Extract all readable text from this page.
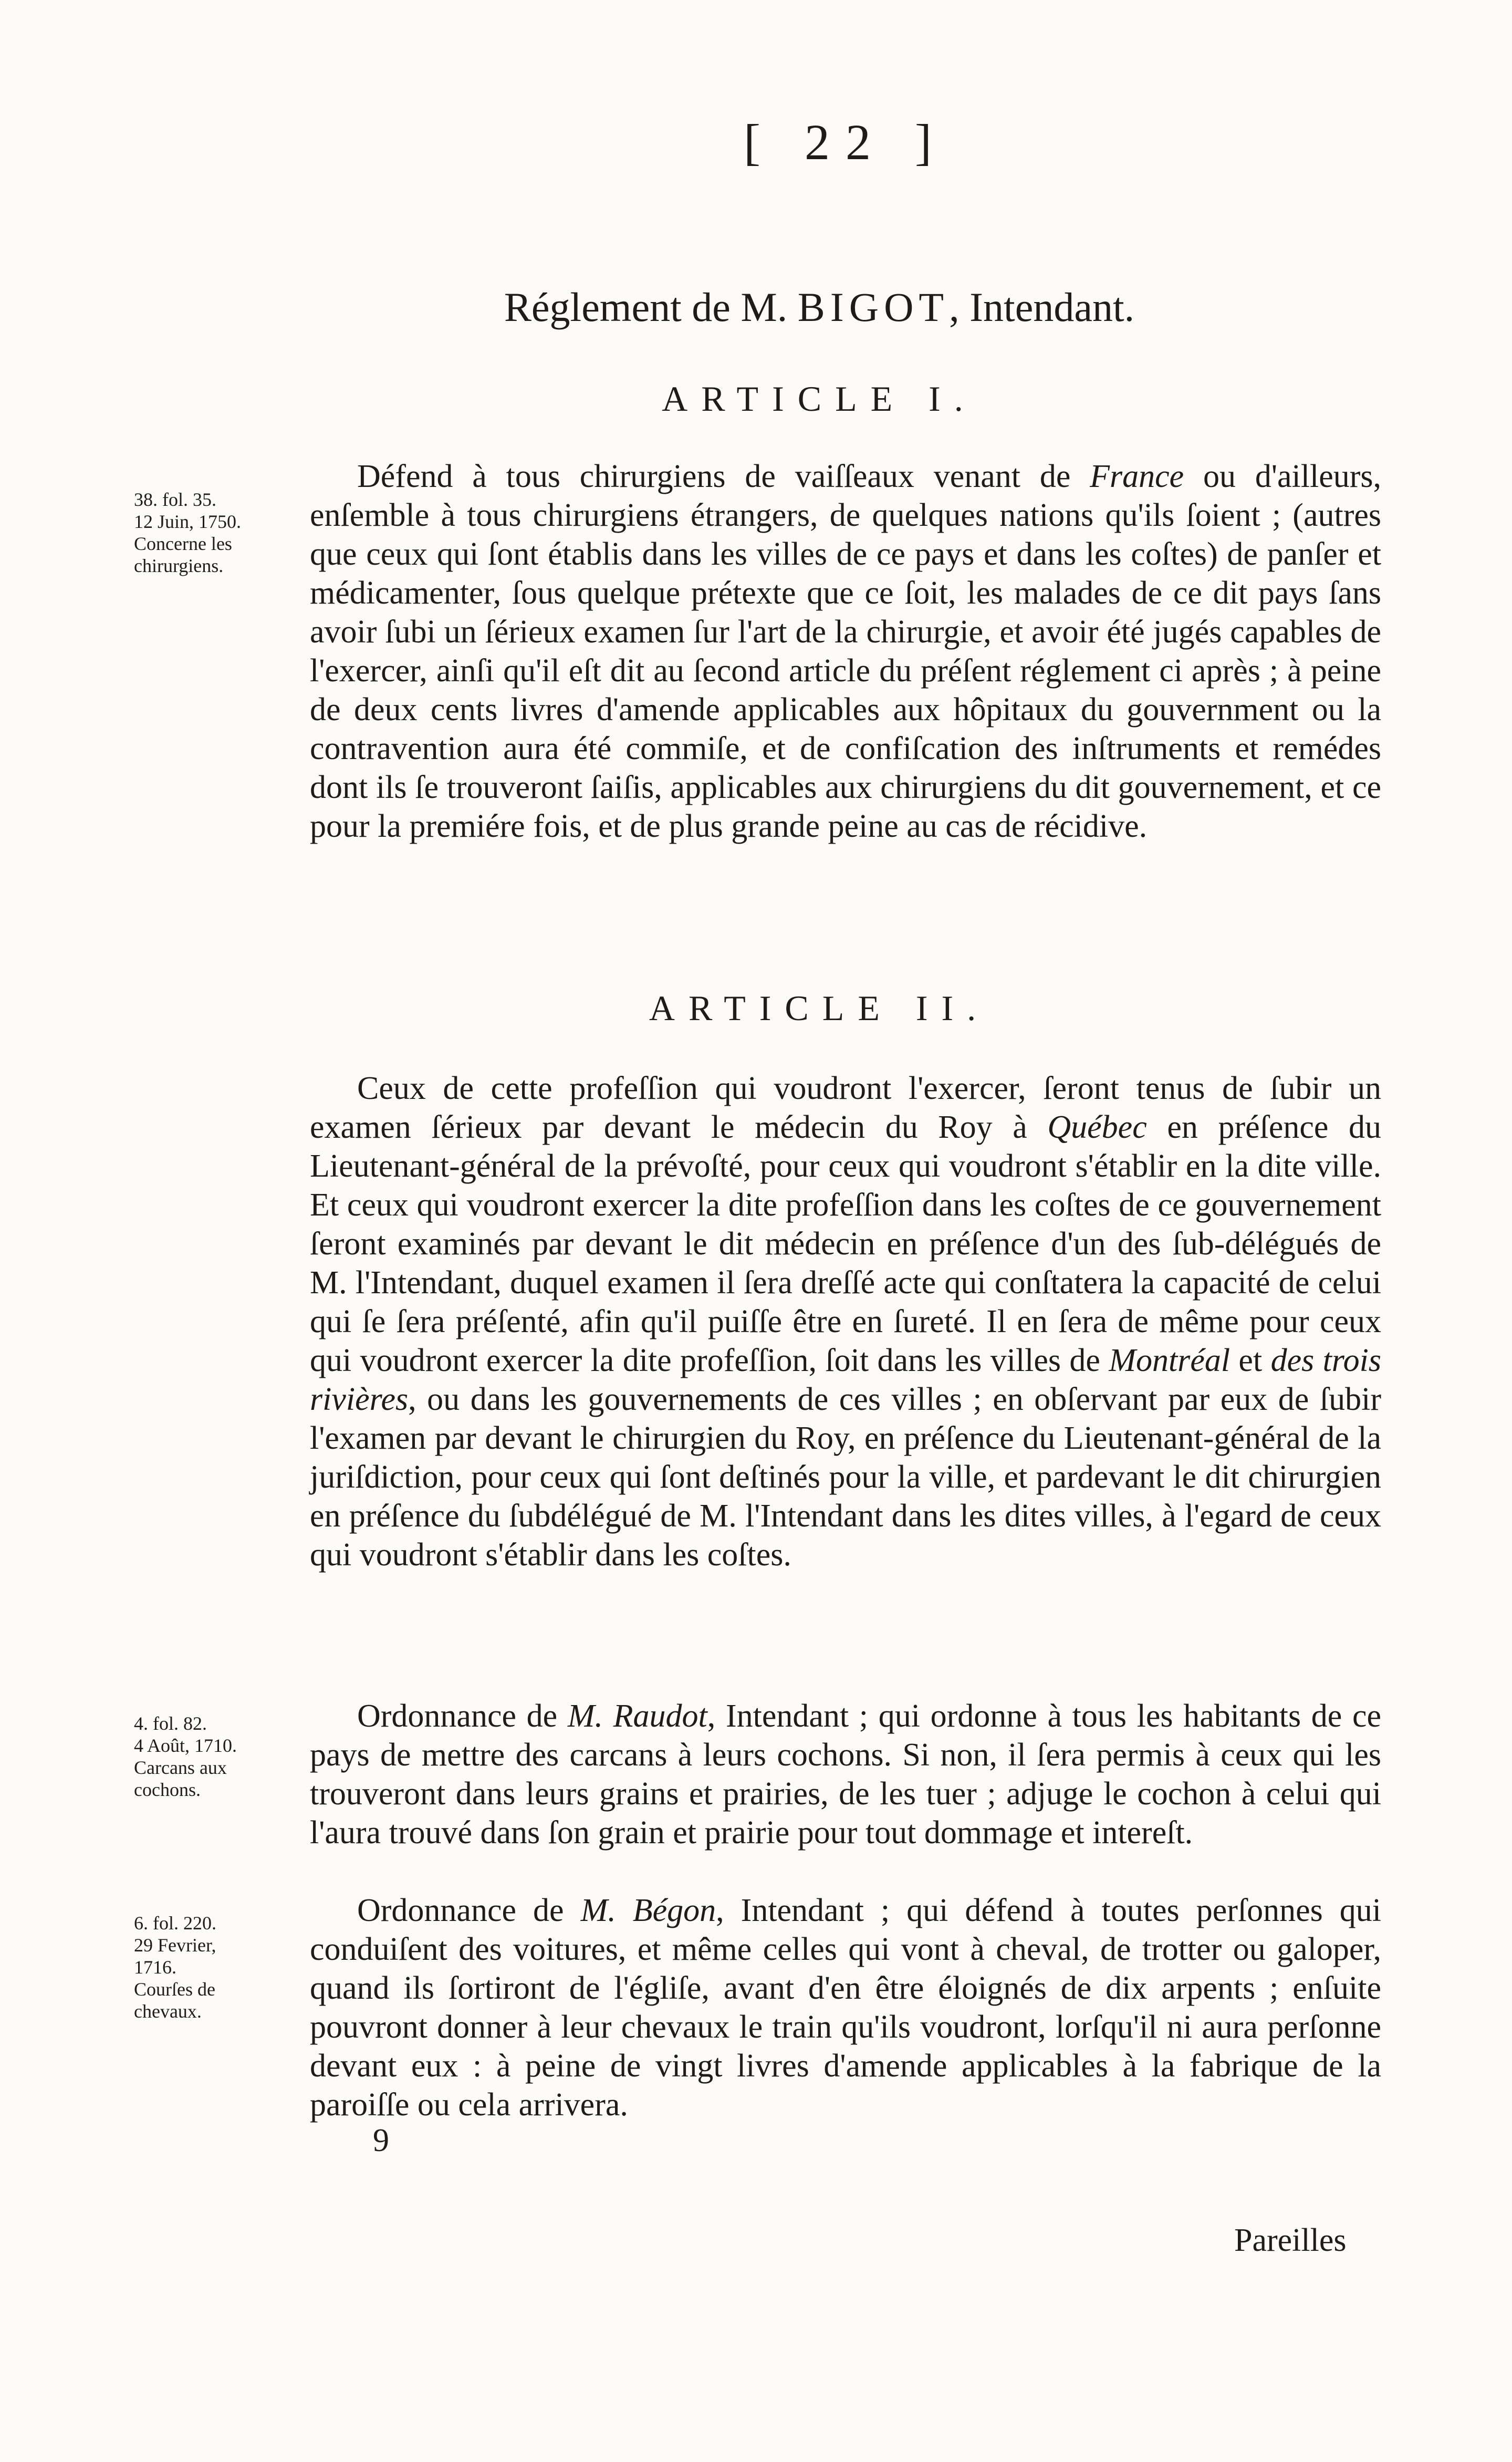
[ 22 ]
Réglement de M. BIGOT, Intendant.
ARTICLE I.
38. fol. 35.
12 Juin, 1750.
Concerne les
chirurgiens.
Défend à tous chirurgiens de vaiſſeaux venant de France ou d'ailleurs, enſemble à tous chirurgiens étrangers, de quelques nations qu'ils ſoient ; (autres que ceux qui ſont établis dans les villes de ce pays et dans les coſtes) de panſer et médicamenter, ſous quelque prétexte que ce ſoit, les malades de ce dit pays ſans avoir ſubi un ſérieux examen ſur l'art de la chirurgie, et avoir été jugés capables de l'exercer, ainſi qu'il eſt dit au ſecond article du préſent réglement ci après ; à peine de deux cents livres d'amende applicables aux hôpitaux du gouvernment ou la contravention aura été commiſe, et de confiſcation des inſtruments et remédes dont ils ſe trouveront ſaiſis, applicables aux chirurgiens du dit gouvernement, et ce pour la premiére fois, et de plus grande peine au cas de récidive.
ARTICLE II.
Ceux de cette profeſſion qui voudront l'exercer, ſeront tenus de ſubir un examen ſérieux par devant le médecin du Roy à Québec en préſence du Lieutenant-général de la prévoſté, pour ceux qui voudront s'établir en la dite ville. Et ceux qui voudront exercer la dite profeſſion dans les coſtes de ce gouvernement ſeront examinés par devant le dit médecin en préſence d'un des ſub-délégués de M. l'Intendant, duquel examen il ſera dreſſé acte qui conſtatera la capacité de celui qui ſe ſera préſenté, afin qu'il puiſſe être en ſureté. Il en ſera de même pour ceux qui voudront exercer la dite profeſſion, ſoit dans les villes de Montréal et des trois rivières, ou dans les gouvernements de ces villes ; en obſervant par eux de ſubir l'examen par devant le chirurgien du Roy, en préſence du Lieutenant-général de la juriſdiction, pour ceux qui ſont deſtinés pour la ville, et pardevant le dit chirurgien en préſence du ſubdélégué de M. l'Intendant dans les dites villes, à l'egard de ceux qui voudront s'établir dans les coſtes.
4. fol. 82.
4 Août, 1710.
Carcans aux
cochons.
Ordonnance de M. Raudot, Intendant ; qui ordonne à tous les habitants de ce pays de mettre des carcans à leurs cochons. Si non, il ſera permis à ceux qui les trouveront dans leurs grains et prairies, de les tuer ; adjuge le cochon à celui qui l'aura trouvé dans ſon grain et prairie pour tout dommage et intereſt.
6. fol. 220.
29 Fevrier,
1716.
Courſes de
chevaux.
Ordonnance de M. Bégon, Intendant ; qui défend à toutes perſonnes qui conduiſent des voitures, et même celles qui vont à cheval, de trotter ou galoper, quand ils ſortiront de l'égliſe, avant d'en être éloignés de dix arpents ; enſuite pouvront donner à leur chevaux le train qu'ils voudront, lorſqu'il ni aura perſonne devant eux : à peine de vingt livres d'amende applicables à la fabrique de la paroiſſe ou cela arrivera.
9
Pareilles
